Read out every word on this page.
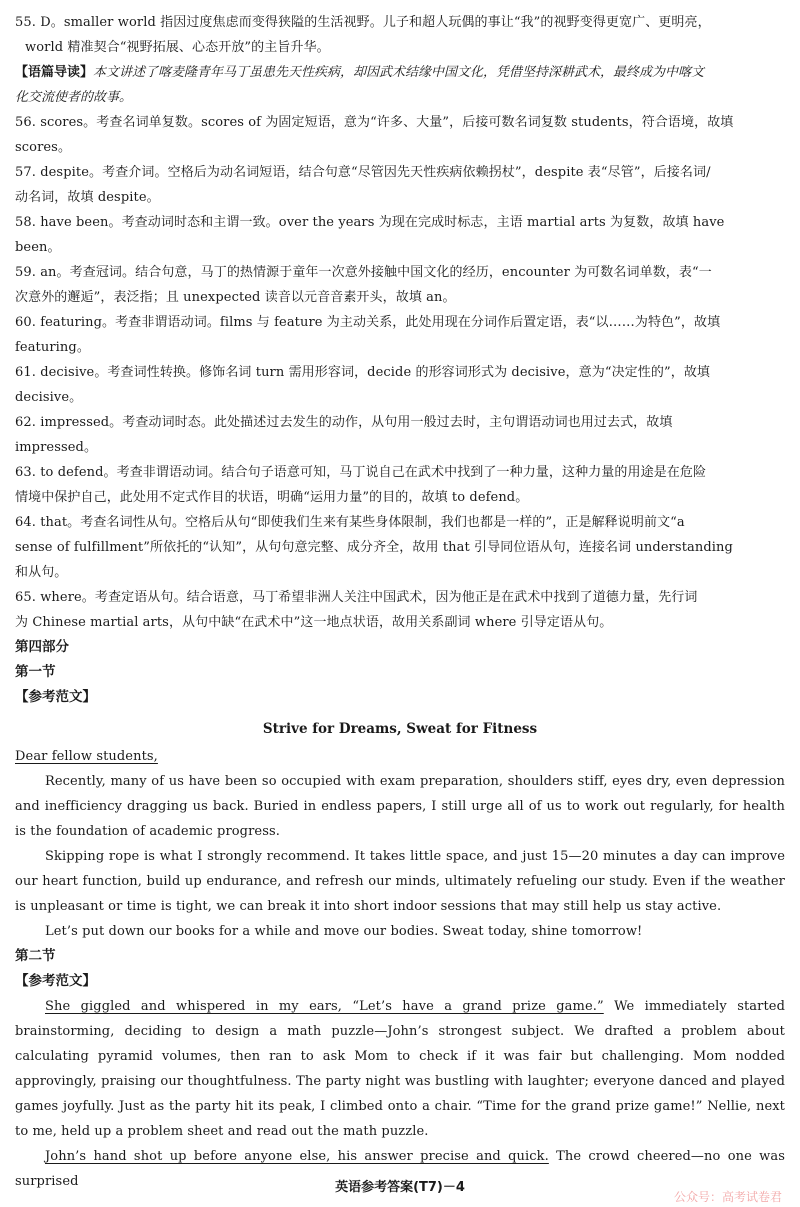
55. D。smaller world 指因过度焦虑而变得狭隘的生活视野。儿子和超人玩偶的事让“我”的视野变得更宽广、更明亮，

world 精准契合“视野拓展、心态开放”的主旨升华。

【语篇导读】本文讲述了喀麦隆青年马丁虽患先天性疾病，却因武术结缘中国文化，凭借坚持深耕武术，最终成为中喀文

化交流使者的故事。

56. scores。考查名词单复数。scores of 为固定短语，意为“许多、大量”，后接可数名词复数 students，符合语境，故填

scores。

57. despite。考查介词。空格后为动名词短语，结合句意“尽管因先天性疾病依赖拐杖”，despite 表“尽管”，后接名词/

动名词，故填 despite。

58. have been。考查动词时态和主谓一致。over the years 为现在完成时标志，主语 martial arts 为复数，故填 have

been。

59. an。考查冠词。结合句意，马丁的热情源于童年一次意外接触中国文化的经历，encounter 为可数名词单数，表“一

次意外的邂逅”，表泛指；且 unexpected 读音以元音音素开头，故填 an。

60. featuring。考查非谓语动词。films 与 feature 为主动关系，此处用现在分词作后置定语，表“以……为特色”，故填

featuring。

61. decisive。考查词性转换。修饰名词 turn 需用形容词，decide 的形容词形式为 decisive，意为“决定性的”，故填

decisive。

62. impressed。考查动词时态。此处描述过去发生的动作，从句用一般过去时，主句谓语动词也用过去式，故填

impressed。

63. to defend。考查非谓语动词。结合句子语意可知，马丁说自己在武术中找到了一种力量，这种力量的用途是在危险

情境中保护自己，此处用不定式作目的状语，明确“运用力量”的目的，故填 to defend。

64. that。考查名词性从句。空格后从句“即使我们生来有某些身体限制，我们也都是一样的”，正是解释说明前文“a

sense of fulfillment”所依托的“认知”，从句句意完整、成分齐全，故用 that 引导同位语从句，连接名词 understanding

和从句。

65. where。考查定语从句。结合语意，马丁希望非洲人关注中国武术，因为他正是在武术中找到了道德力量，先行词

为 Chinese martial arts，从句中缺“在武术中”这一地点状语，故用关系副词 where 引导定语从句。

第四部分

第一节

【参考范文】

Strive for Dreams, Sweat for Fitness

Dear fellow students,

Recently, many of us have been so occupied with exam preparation, shoulders stiff, eyes dry, even depression and inefficiency dragging us back. Buried in endless papers, I still urge all of us to work out regularly, for health is the foundation of academic progress.

Skipping rope is what I strongly recommend. It takes little space, and just 15—20 minutes a day can improve our heart function, build up endurance, and refresh our minds, ultimately refueling our study. Even if the weather is unpleasant or time is tight, we can break it into short indoor sessions that may still help us stay active.

Let’s put down our books for a while and move our bodies. Sweat today, shine tomorrow!

第二节

【参考范文】

She giggled and whispered in my ears, “Let’s have a grand prize game.” We immediately started brainstorming, deciding to design a math puzzle—John’s strongest subject. We drafted a problem about calculating pyramid volumes, then ran to ask Mom to check if it was fair but challenging. Mom nodded approvingly, praising our thoughtfulness. The party night was bustling with laughter; everyone danced and played games joyfully. Just as the party hit its peak, I climbed onto a chair. “Time for the grand prize game!” Nellie, next to me, held up a problem sheet and read out the math puzzle.

John’s hand shot up before anyone else, his answer precise and quick. The crowd cheered—no one was surprised	英语参考答案(T7)－4
公众号：高考试卷君
